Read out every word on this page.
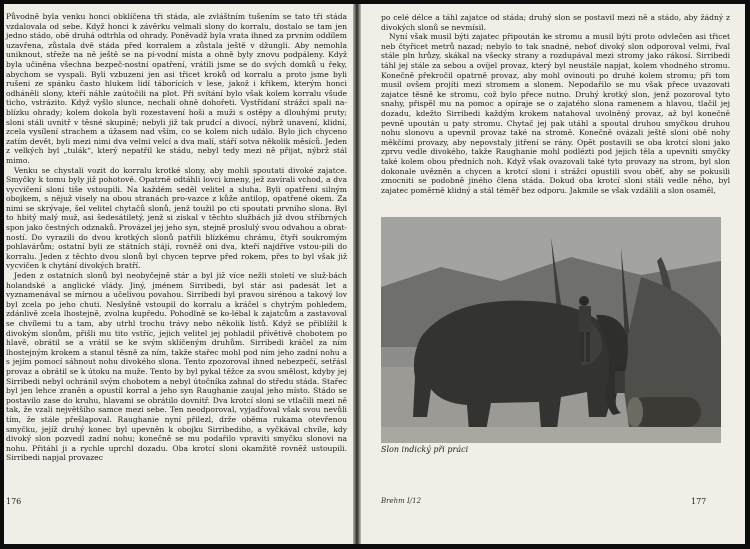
Původně byla venku honci obklíčena tři stáda, ale zvláštním tušením se tato tři stáda vzdalovala od sebe. Když honci k závěrku velmali slony do korralu, dostalo se tam jen jedno stádo, obě druhá odtrhla od ohrady. Poněvadž byla vrata ihned za prvním oddílem uzavřena, zůstala dvě stáda před korralem a zůstala ještě v džungli. Aby nemohla uniknout, střeže na ně ještě se na pí-vodní místa a ohně byly znovu podpáleny. Když byla učiněna všechna bezpeč-nostní opatření, vrátili jsme se do svých domků u řeky, abychom se vyspali. Byli vzbuzeni jen asi třicet kroků od korralu a proto jsme byli rušeni ze spánku často hlukem lidí táborících v lese, jakož i křikem, kterým honci odháněli slony, kteří náhle zaútočili na plot. Při svítání bylo však kolem korralu všude ticho, vstrázito. Když vyšlo slunce, nechali ohně dohořeti. Vystřídaní strážci spali na-blízku ohrady; kolem dokola byli rozestavení hoši a muži s ostěpy a dlouhými pruty; sloni stáli uvnitř v těsné skupině; nebyli již tak prudcí a divocí, nýbrž unavení, klidní, zcela vysílení strachem a úžasem nad vším, co se kolem nich událo. Bylo jich chyceno zatím devět, byli mezi nimi dva velmi velcí a dva malí, stáří sotva několik měsíců. Jeden z velkých byl „tulák“, který nepatřil ke stádu, nebyl tedy mezi ně přijat, nýbrž stál mimo.

Venku se chystali vozit do korralu krotké slony, aby mohli spoutati divoké zajatce. Smyčky k tomu byly již pohotově. Opatrně odtáhli lovci kmeny, jež zavírali vchod, a dva vycvičení sloni tiše vstoupili. Na každém seděl velitel a sluha. Byli opatřeni silným obojkem, s nějuž visely na obou stranách pro-vazce z kůže antilop, opatřené okem. Za nimi se skrývaje, šel velitel chytačů slonů, jenž toužil po cti spoutati prvního slona. Byl to hbitý malý muž, asi šedesátiletý, jenž si získal v těchto službách již dvou stříbrných spon jako čestných odznaků. Provázel jej jeho syn, stejně proslulý svou odvahou a obrat-ností. Do vyrazili do dvou krotkých slonů patřili blízkému chrámu, čtyři soukromým pohlavárům; ostatní byli ze státních stájí, rovněž oni dva, kteří najdříve vstou-pili do korralu. Jeden z těchto dvou slonů byl chycen teprve před rokem, přes to byl však již vycvičen k chytání divokých bratří.

Jeden z ostatních slonů byl neobyčejně stár a byl již více nežli století ve služ-bách holandské a anglické vlády. Jiný, jménem Sirribedi, byl stár asi padesát let a vyznamenával se mírnou a učelivou povahou. Sirribedi byl pravou sirénou a takový lov byl zcela po jeho chuti. Neslyšně vstoupil do korralu a kráčel s chytrým pohledem, zdánlivě zcela lhostejně, zvolna kupředu. Pohodlně se ko-lébal k zajatcům a zastavoval se chvílemi tu a tam, aby utrhl trochu trávy nebo několik lístů. Když se přiblížil k divokým slonům, přišli mu tito vstříc, jejich velitel jej pohladil přívětivě chobotem po hlavě, obrátil se a vrátil se ke svým sklíčeným druhům. Sirribedi kráčel za ním lhostejným krokem a stanul těsně za ním, takže stařec mohl pod ním jeho zadní nohu a s jejím pomocí sáhnout nohu divokého slona. Tento zpozoroval ihned nebezpečí, setřásl provaz a obrátil se k útoku na muže. Tento by byl pykal těžce za svou smělost, kdyby jej Sirribedi nebyl ochránil svým chobotem a nebyl útočníka zahnal do středu stáda. Stařec byl jen lehce zraněn a opustil korral a jeho syn Raughanie zaujal jeho místo. Stádo se postavilo zase do kruhu, hlavami se obrátilo dovnitř. Dva krotcí sloni se vtlačili mezi ně tak, že vzali největšího samce mezi sebe. Ten neodporoval, vyjadřoval však svou nevůli tím, že stále přešlapoval. Raughanie nyní přilezl, drže oběma rukama otevřenou smyčku, jejíž druhý konec byl upevněn k obojku Sirribediho, a vyčkával chvíle, kdy divoký slon pozvedl zadní nohu; konečně se mu podařilo vpraviti smyčku slonovi na nohu. Přitáhl ji a rychle uprchl dozadu. Oba krotcí sloni okamžitě rovněž ustoupili. Sirribedi napjal provazec

176

po celé délce a táhl zajatce od stáda; druhý slon se postavil mezi ně a stádo, aby žádný z divokých slonů se nevmísil.

Nyní však musil býti zajatec připoután ke stromu a musil býti proto odvlečen asi třicet neb čtyřicet metrů nazad; nebylo to tak snadné, neboť divoký slon odporoval velmi, řval stále pln hrůzy, skákal na všecky strany a rozdupával mezi stromy jako rákosí. Sirribedi táhl jej stále za sebou a ovíjel provaz, který byl neustále napjat, kolem vhodného stromu. Konečně překročil opatrně provaz, aby mohl ovinouti po druhé kolem stromu; při tom musil ovšem projíti mezi stromem a slonem. Nepodařilo se mu však přece uvazovati zajatce těsně ke stromu, což bylo přece nutno. Druhý krotký slon, jenž pozoroval tyto snahy, přispěl mu na pomoc a opíraje se o zajatého slona ramenem a hlavou, tlačil jej dozadu, kdežto Sirribedi každým krokem natahoval uvolněný provaz, až byl konečně pevně upoután u paty stromu. Chytač jej pak utáhl a spoutal druhou smyčkou druhou nohu slonovu a upevnil provaz také na stromě. Konečně ovázali ještě sloni obě nohy měkčími provazy, aby nepovstaly jitření se rány. Opět postavili se oba krotcí sloni jako zprvu vedle divokého, takže Raughanie mohl podlézti pod jejich těla a upevniti smyčky také kolem obou předních noh. Když však ovazovali také tyto provazy na strom, byl slon dokonale uvězněn a chycen a krotcí sloni i strážci opustili svou oběť, aby se pokusili zmocniti se podobně jiného člena stáda. Dokud oba krotcí sloni stáli vedle něho, byl zajatec poměrně klidný a stál téměř bez odporu. Jakmile se však vzdálili a slon osaměl,

Slon indický při práci

Brehm I/12	177
